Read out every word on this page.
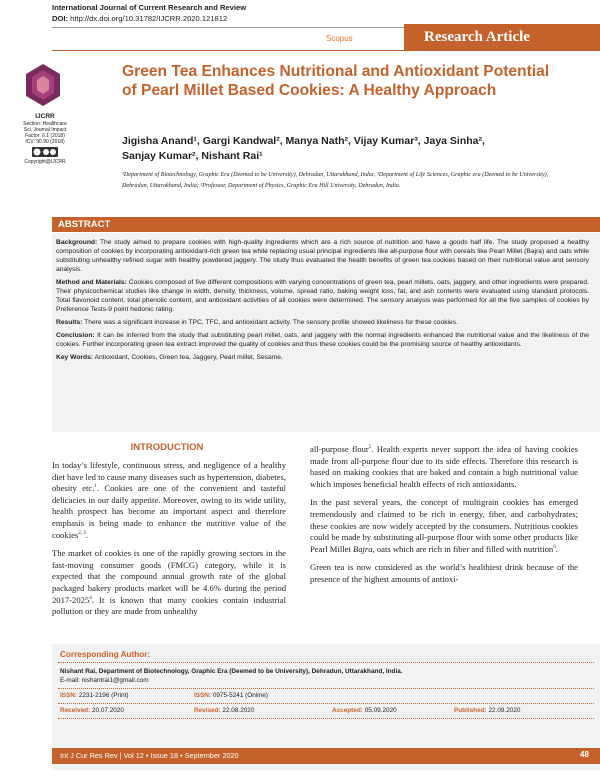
International Journal of Current Research and Review
DOI: http://dx.doi.org/10.31782/IJCRR.2020.121812
Scopus	Research Article
IJCRR
Section: Healthcare
Sci. Journal Impact
Factor: 6.1 (2018)
ICV: 90.90 (2018)
Copyright@IJCRR
Green Tea Enhances Nutritional and Antioxidant Potential of Pearl Millet Based Cookies: A Healthy Approach
Jigisha Anand¹, Gargi Kandwal², Manya Nath², Vijay Kumar³, Jaya Sinha²,
Sanjay Kumar², Nishant Rai¹
¹Department of Biotechnology, Graphic Era (Deemed to be University), Dehradun, Uttarakhand, India; ²Department of Life Sciences, Graphic era (Deemed to be University), Dehradun, Uttarakhand, India; ³Professor, Department of Physics, Graphic Era Hill University, Dehradun, India.
ABSTRACT

Background: The study aimed to prepare cookies with high-quality ingredients which are a rich source of nutrition and have a goods half life. The study proposed a healthy composition of cookies by incorporating antioxidant-rich green tea while replacing usual principal ingredients like all-purpose flour with cereals like Pearl Millet (Bajra) and oats while substituting unhealthy refined sugar with healthy powdered jaggery. The study thus evaluated the health benefits of green tea cookies based on their nutritional value and sensory analysis.

Method and Materials: Cookies composed of five different compositions with varying concentrations of green tea, pearl millets, oats, jaggery, and other ingredients were prepared. Their physicochemical studies like change in width, density, thickness, volume, spread ratio, baking weight loss, fat, and ash contents were evaluated using standard protocols. Total flavonoid content, total phenolic content, and antioxidant activities of all cookies were determined. The sensory analysis was performed for all the five samples of cookies by Preference Tests-9 point hedonic rating.

Results: There was a significant increase in TPC, TFC, and antioxidant activity. The sensory profile showed likeliness for these cookies.

Conclusion: It can be inferred from the study that substituting pearl millet, oats, and jaggery with the normal ingredients enhanced the nutritional value and the likeliness of the cookies. Further incorporating green tea extract improved the quality of cookies and thus these cookies could be the promising source of healthy antioxidants.

Key Words: Antioxidant, Cookies, Green tea, Jaggery, Pearl millet, Sesame.

INTRODUCTION

In today’s lifestyle, continuous stress, and negligence of a healthy diet have led to cause many diseases such as hypertension, diabetes, obesity etc.$^1$. Cookies are one of the convenient and tasteful delicacies in our daily appetite. Moreover, owing to its wide utility, health prospect has become an important aspect and therefore emphasis is being made to enhance the nutritive value of the cookies$^{2, 3}$.

The market of cookies is one of the rapidly growing sectors in the fast-moving consumer goods (FMCG) category, while it is expected that the compound annual growth rate of the global packaged bakery products market will be 4.6% during the period 2017-2025$^4$. It is known that many cookies contain industrial pollution or they are made from unhealthy

all-purpose flour$^5$. Health experts never support the idea of having cookies made from all-purpose flour due to its side effects. Therefore this research is based on making cookies that are baked and contain a high nutritional value which imposes beneficial health effects of rich antioxidants.

In the past several years, the concept of multigrain cookies has emerged tremendously and claimed to be rich in energy, fiber, and carbohydrates; these cookies are now widely accepted by the consumers. Nutritious cookies could be made by substituting all-purpose flour with some other products like Pearl Millet Bajra, oats which are rich in fiber and filled with nutrition$^6$.

Green tea is now considered as the world’s healthiest drink because of the presence of the highest amounts of antioxi-

Corresponding Author:
Nishant Rai, Department of Biotechnology, Graphic Era (Deemed to be University), Dehradun, Uttarakhand, India.
E-mail: nishantrai1@gmail.com
ISSN: 2231-2196 (Print)	ISSN: 0975-5241 (Online)
Received: 20.07.2020	Revised: 22.08.2020	Accepted: 05.09.2020	Published: 22.09.2020
Int J Cur Res Rev | Vol 12 • Issue 18 • September 2020	48
